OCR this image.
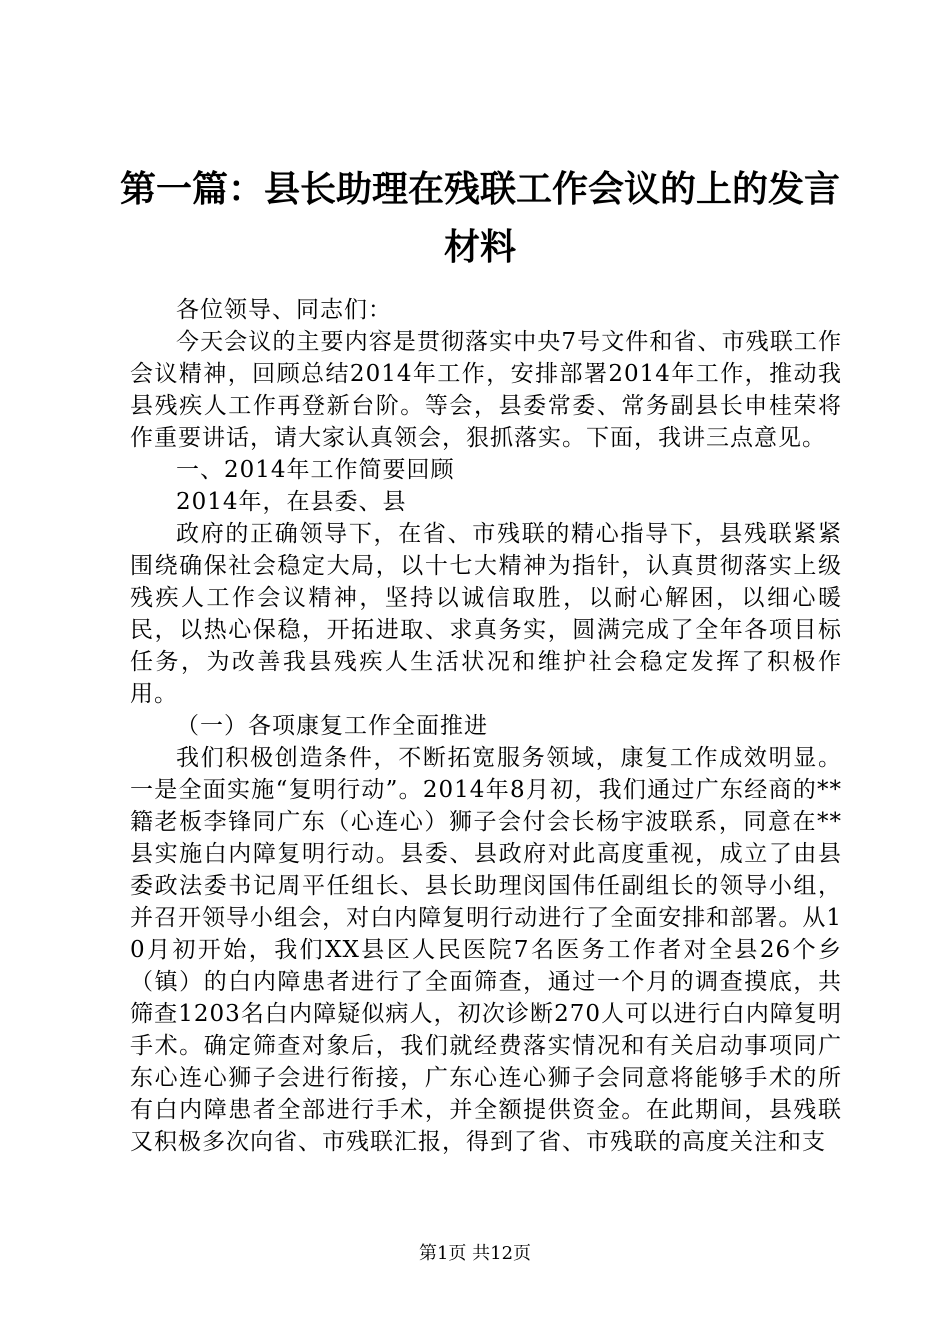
第一篇：县长助理在残联工作会议的上的发言
材料

各位领导、同志们：

今天会议的主要内容是贯彻落实中央7号文件和省、市残联工作会议精神，回顾总结2014年工作，安排部署2014年工作，推动我县残疾人工作再登新台阶。等会，县委常委、常务副县长申桂荣将作重要讲话，请大家认真领会，狠抓落实。下面，我讲三点意见。

一、2014年工作简要回顾

2014年，在县委、县

政府的正确领导下，在省、市残联的精心指导下，县残联紧紧围绕确保社会稳定大局，以十七大精神为指针，认真贯彻落实上级残疾人工作会议精神，坚持以诚信取胜，以耐心解困，以细心暖民，以热心保稳，开拓进取、求真务实，圆满完成了全年各项目标任务，为改善我县残疾人生活状况和维护社会稳定发挥了积极作用。

（一）各项康复工作全面推进

我们积极创造条件，不断拓宽服务领域，康复工作成效明显。一是全面实施“复明行动”。2014年8月初，我们通过广东经商的**籍老板李锋同广东（心连心）狮子会付会长杨宇波联系，同意在**县实施白内障复明行动。县委、县政府对此高度重视，成立了由县委政法委书记周平任组长、县长助理闵国伟任副组长的领导小组，并召开领导小组会，对白内障复明行动进行了全面安排和部署。从10月初开始，我们XX县区人民医院7名医务工作者对全县26个乡（镇）的白内障患者进行了全面筛查，通过一个月的调查摸底，共筛查1203名白内障疑似病人，初次诊断270人可以进行白内障复明手术。确定筛查对象后，我们就经费落实情况和有关启动事项同广东心连心狮子会进行衔接，广东心连心狮子会同意将能够手术的所有白内障患者全部进行手术，并全额提供资金。在此期间，县残联又积极多次向省、市残联汇报，得到了省、市残联的高度关注和支

第1页 共12页
